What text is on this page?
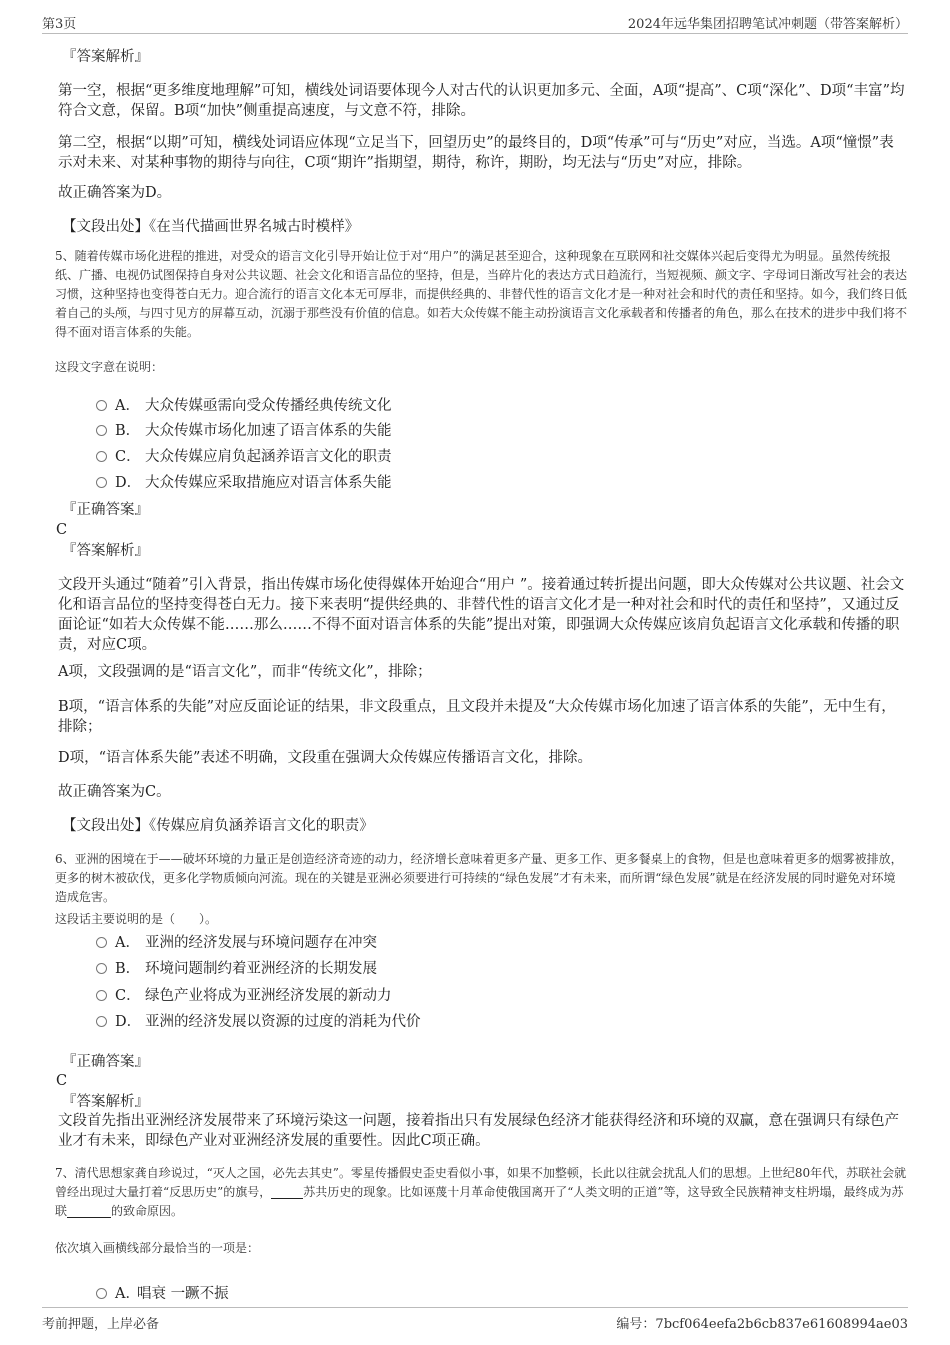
第3页	2024年远华集团招聘笔试冲刺题（带答案解析）
『答案解析』
第一空，根据“更多维度地理解”可知，横线处词语要体现今人对古代的认识更加多元、全面，A项“提高”、C项“深化”、D项“丰富”均符合文意，保留。B项“加快”侧重提高速度，与文意不符，排除。
第二空，根据“以期”可知，横线处词语应体现“立足当下，回望历史”的最终目的，D项“传承”可与“历史”对应，当选。A项“憧憬”表示对未来、对某种事物的期待与向往，C项“期许”指期望，期待，称许，期盼，均无法与“历史”对应，排除。
故正确答案为D。
【文段出处】《在当代描画世界名城古时模样》
5、随着传媒市场化进程的推进，对受众的语言文化引导开始让位于对“用户”的满足甚至迎合，这种现象在互联网和社交媒体兴起后变得尤为明显。虽然传统报纸、广播、电视仍试图保持自身对公共议题、社会文化和语言品位的坚持，但是，当碎片化的表达方式日趋流行，当短视频、颜文字、字母词日渐改写社会的表达习惯，这种坚持也变得苍白无力。迎合流行的语言文化本无可厚非，而提供经典的、非替代性的语言文化才是一种对社会和时代的责任和坚持。如今，我们终日低着自己的头颅，与四寸见方的屏幕互动，沉溺于那些没有价值的信息。如若大众传媒不能主动扮演语言文化承载者和传播者的角色，那么在技术的进步中我们将不得不面对语言体系的失能。
这段文字意在说明：
A． 大众传媒亟需向受众传播经典传统文化
B． 大众传媒市场化加速了语言体系的失能
C． 大众传媒应肩负起涵养语言文化的职责
D． 大众传媒应采取措施应对语言体系失能
『正确答案』
C
『答案解析』
文段开头通过“随着”引入背景，指出传媒市场化使得媒体开始迎合“用户 ”。接着通过转折提出问题，即大众传媒对公共议题、社会文化和语言品位的坚持变得苍白无力。接下来表明“提供经典的、非替代性的语言文化才是一种对社会和时代的责任和坚持”，又通过反面论证“如若大众传媒不能……那么……不得不面对语言体系的失能”提出对策，即强调大众传媒应该肩负起语言文化承载和传播的职责，对应C项。
A项，文段强调的是“语言文化”，而非“传统文化”，排除；
B项，“语言体系的失能”对应反面论证的结果，非文段重点，且文段并未提及“大众传媒市场化加速了语言体系的失能”，无中生有，排除；
D项，“语言体系失能”表述不明确，文段重在强调大众传媒应传播语言文化，排除。
故正确答案为C。
【文段出处】《传媒应肩负涵养语言文化的职责》
6、亚洲的困境在于——破坏环境的力量正是创造经济奇迹的动力，经济增长意味着更多产量、更多工作、更多餐桌上的食物，但是也意味着更多的烟雾被排放，更多的树木被砍伐，更多化学物质倾向河流。现在的关键是亚洲必须要进行可持续的“绿色发展”才有未来，而所谓“绿色发展”就是在经济发展的同时避免对环境造成危害。
这段话主要说明的是（　　）。
A． 亚洲的经济发展与环境问题存在冲突
B． 环境问题制约着亚洲经济的长期发展
C． 绿色产业将成为亚洲经济发展的新动力
D． 亚洲的经济发展以资源的过度的消耗为代价
『正确答案』
C
『答案解析』
文段首先指出亚洲经济发展带来了环境污染这一问题，接着指出只有发展绿色经济才能获得经济和环境的双赢，意在强调只有绿色产业才有未来，即绿色产业对亚洲经济发展的重要性。因此C项正确。
7、清代思想家龚自珍说过，“灭人之国，必先去其史”。零星传播假史歪史看似小事，如果不加整顿，长此以往就会扰乱人们的思想。上世纪80年代，苏联社会就曾经出现过大量打着“反思历史”的旗号，	苏共历史的现象。比如诬蔑十月革命使俄国离开了“人类文明的正道”等，这导致全民族精神支柱坍塌，最终成为苏联	的致命原因。
依次填入画横线部分最恰当的一项是：
A．唱衰 一蹶不振
考前押题，上岸必备	编号：7bcf064eefa2b6cb837e61608994ae03
